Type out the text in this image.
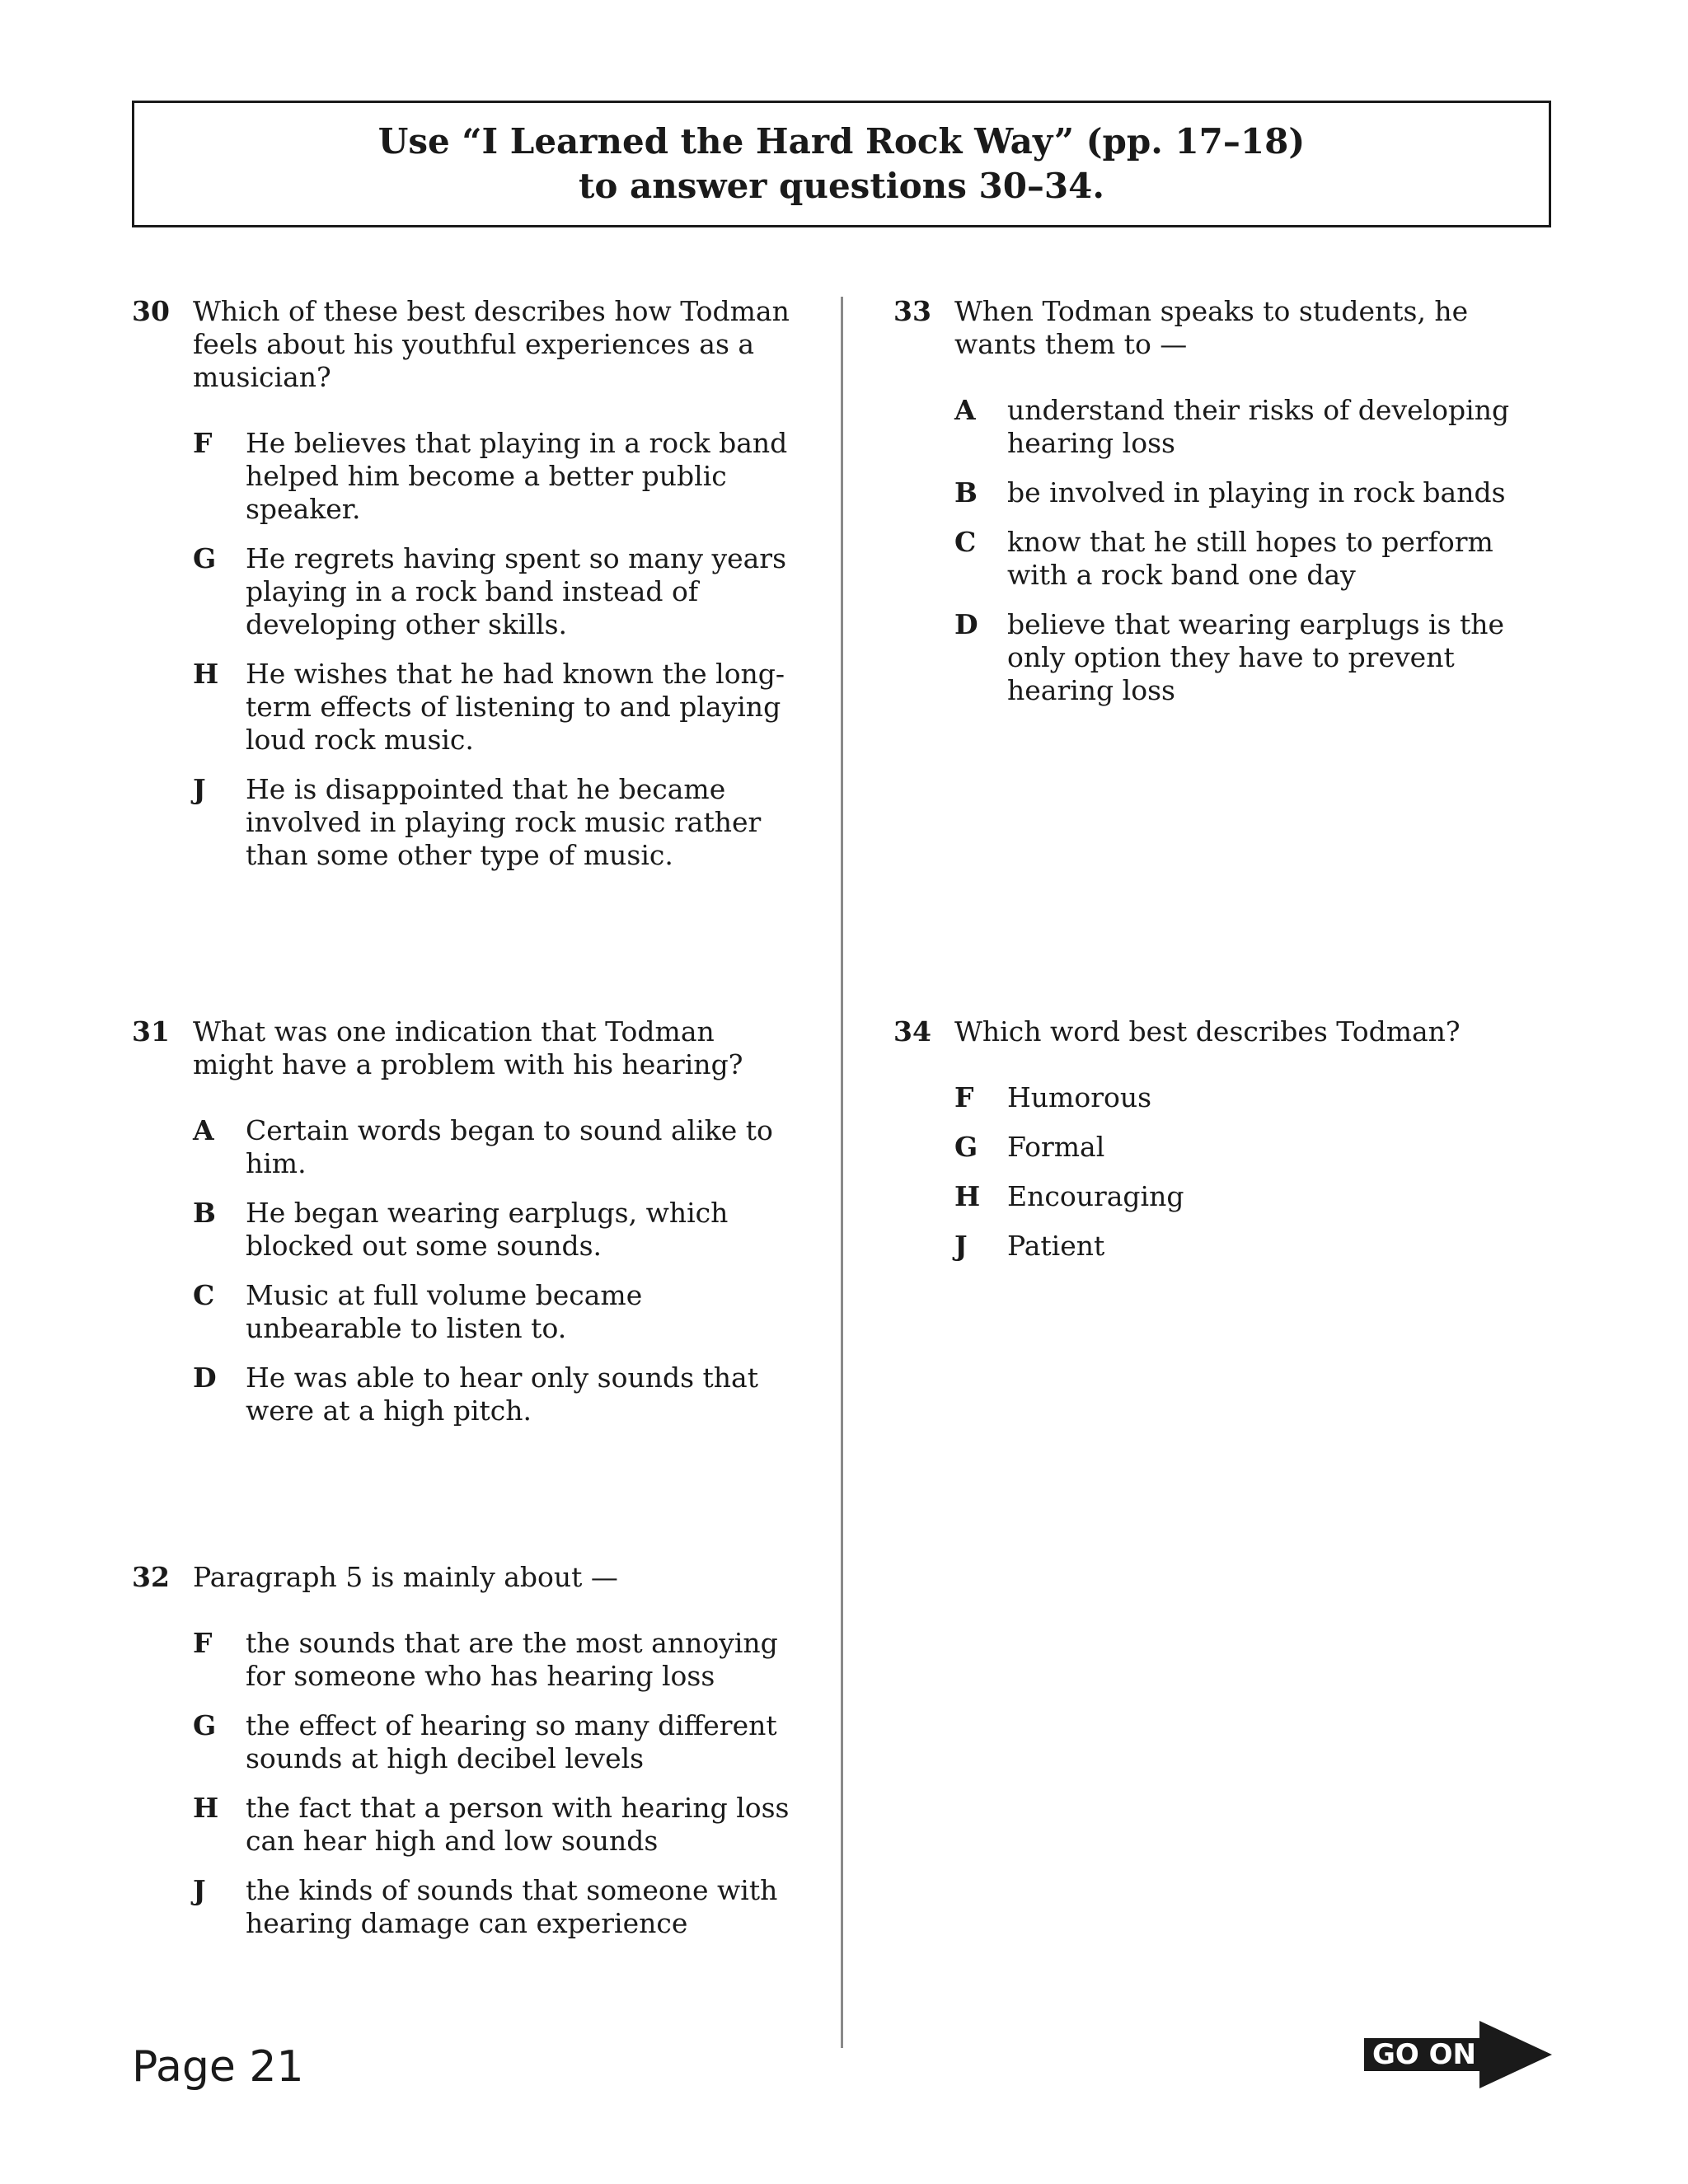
Use “I Learned the Hard Rock Way” (pp. 17–18)
to answer questions 30–34.
30 Which of these best describes how Todman feels about his youthful experiences as a musician?
F	He believes that playing in a rock band helped him become a better public speaker.
G	He regrets having spent so many years playing in a rock band instead of developing other skills.
H He wishes that he had known the long-term effects of listening to and playing loud rock music.
J	He is disappointed that he became involved in playing rock music rather than some other type of music.
31 What was one indication that Todman might have a problem with his hearing?
A	Certain words began to sound alike to him.
B	He began wearing earplugs, which blocked out some sounds.
C	Music at full volume became unbearable to listen to.
D	He was able to hear only sounds that were at a high pitch.
32 Paragraph 5 is mainly about —
F	the sounds that are the most annoying for someone who has hearing loss
G	the effect of hearing so many different sounds at high decibel levels
H the fact that a person with hearing loss can hear high and low sounds
J	the kinds of sounds that someone with hearing damage can experience
33 When Todman speaks to students, he wants them to —
A	understand their risks of developing hearing loss
B	be involved in playing in rock bands
C	know that he still hopes to perform with a rock band one day
D	believe that wearing earplugs is the only option they have to prevent hearing loss
34 Which word best describes Todman?
F	Humorous
G	Formal
H Encouraging
J	Patient
Page 21	GO ON
